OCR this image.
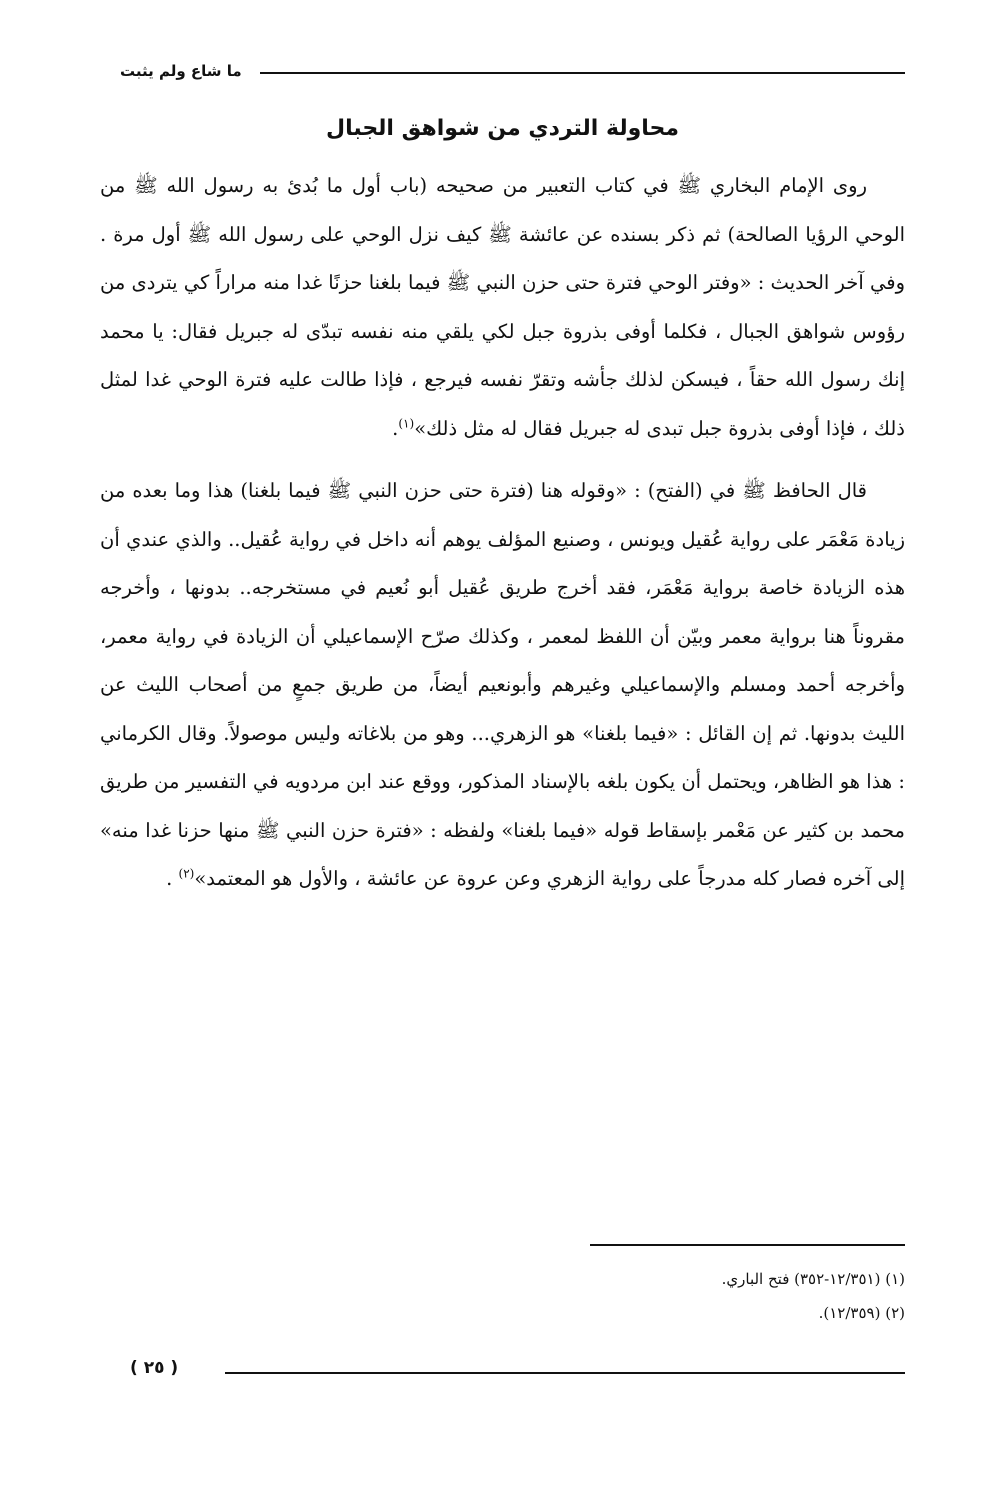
ما شاع ولم يثبت
محاولة التردي من شواهق الجبال

روى الإمام البخاري ﷺ في كتاب التعبير من صحيحه (باب أول ما بُدئ به رسول الله ﷺ من الوحي الرؤيا الصالحة) ثم ذكر بسنده عن عائشة ﷺ كيف نزل الوحي على رسول الله ﷺ أول مرة . وفي آخر الحديث : «وفتر الوحي فترة حتى حزن النبي ﷺ فيما بلغنا حزنًا غدا منه مراراً كي يتردى من رؤوس شواهق الجبال ، فكلما أوفى بذروة جبل لكي يلقي منه نفسه تبدّى له جبريل فقال: يا محمد إنك رسول الله حقاً ، فيسكن لذلك جأشه وتقرّ نفسه فيرجع ، فإذا طالت عليه فترة الوحي غدا لمثل ذلك ، فإذا أوفى بذروة جبل تبدى له جبريل فقال له مثل ذلك»$^{(١)}$.

قال الحافظ ﷺ في (الفتح) : «وقوله هنا (فترة حتى حزن النبي ﷺ فيما بلغنا) هذا وما بعده من زيادة مَعْمَر على رواية عُقيل ويونس ، وصنيع المؤلف يوهم أنه داخل في رواية عُقيل.. والذي عندي أن هذه الزيادة خاصة برواية مَعْمَر، فقد أخرج طريق عُقيل أبو نُعيم في مستخرجه.. بدونها ، وأخرجه مقروناً هنا برواية معمر وبيّن أن اللفظ لمعمر ، وكذلك صرّح الإسماعيلي أن الزيادة في رواية معمر، وأخرجه أحمد ومسلم والإسماعيلي وغيرهم وأبونعيم أيضاً، من طريق جمعٍ من أصحاب الليث عن الليث بدونها. ثم إن القائل : «فيما بلغنا» هو الزهري... وهو من بلاغاته وليس موصولاً. وقال الكرماني : هذا هو الظاهر، ويحتمل أن يكون بلغه بالإسناد المذكور، ووقع عند ابن مردويه في التفسير من طريق محمد بن كثير عن مَعْمر بإسقاط قوله «فيما بلغنا» ولفظه : «فترة حزن النبي ﷺ منها حزنا غدا منه» إلى آخره فصار كله مدرجاً على رواية الزهري وعن عروة عن عائشة ، والأول هو المعتمد»$^{(٢)}$ .

(١) (١٢/٣٥١-٣٥٢) فتح الباري.
(٢) (١٢/٣٥٩).
( ٢٥ )
